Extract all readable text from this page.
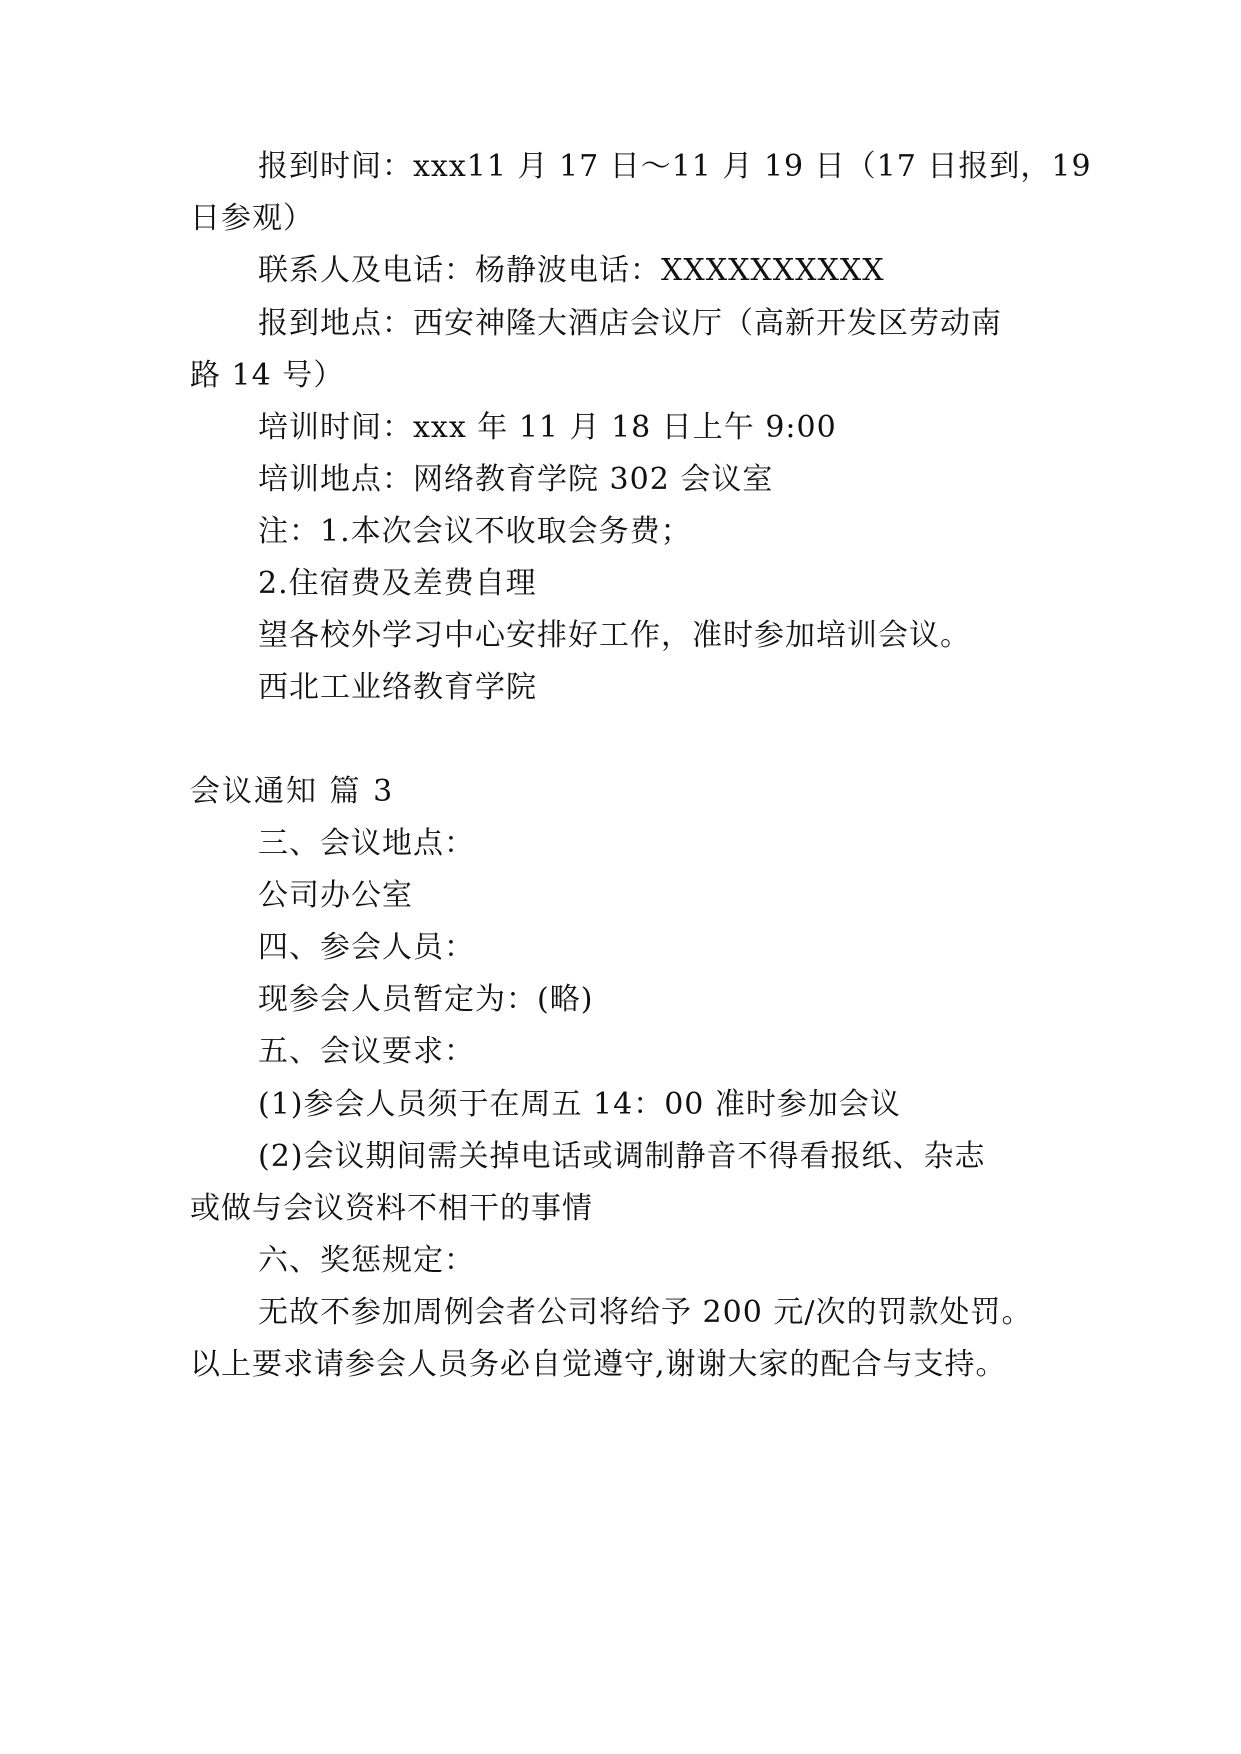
报到时间：xxx11 月 17 日～11 月 19 日（17 日报到，19
日参观）
联系人及电话：杨静波电话：XXXXXXXXXX
报到地点：西安神隆大酒店会议厅（高新开发区劳动南
路 14 号）
培训时间：xxx 年 11 月 18 日上午 9:00
培训地点：网络教育学院 302 会议室
注：1.本次会议不收取会务费；
2.住宿费及差费自理
望各校外学习中心安排好工作，准时参加培训会议。
西北工业络教育学院
会议通知 篇 3
三、会议地点：
公司办公室
四、参会人员：
现参会人员暂定为：(略)
五、会议要求：
(1)参会人员须于在周五 14：00 准时参加会议
(2)会议期间需关掉电话或调制静音不得看报纸、杂志
或做与会议资料不相干的事情
六、奖惩规定：
无故不参加周例会者公司将给予 200 元/次的罚款处罚。
以上要求请参会人员务必自觉遵守,谢谢大家的配合与支持。
